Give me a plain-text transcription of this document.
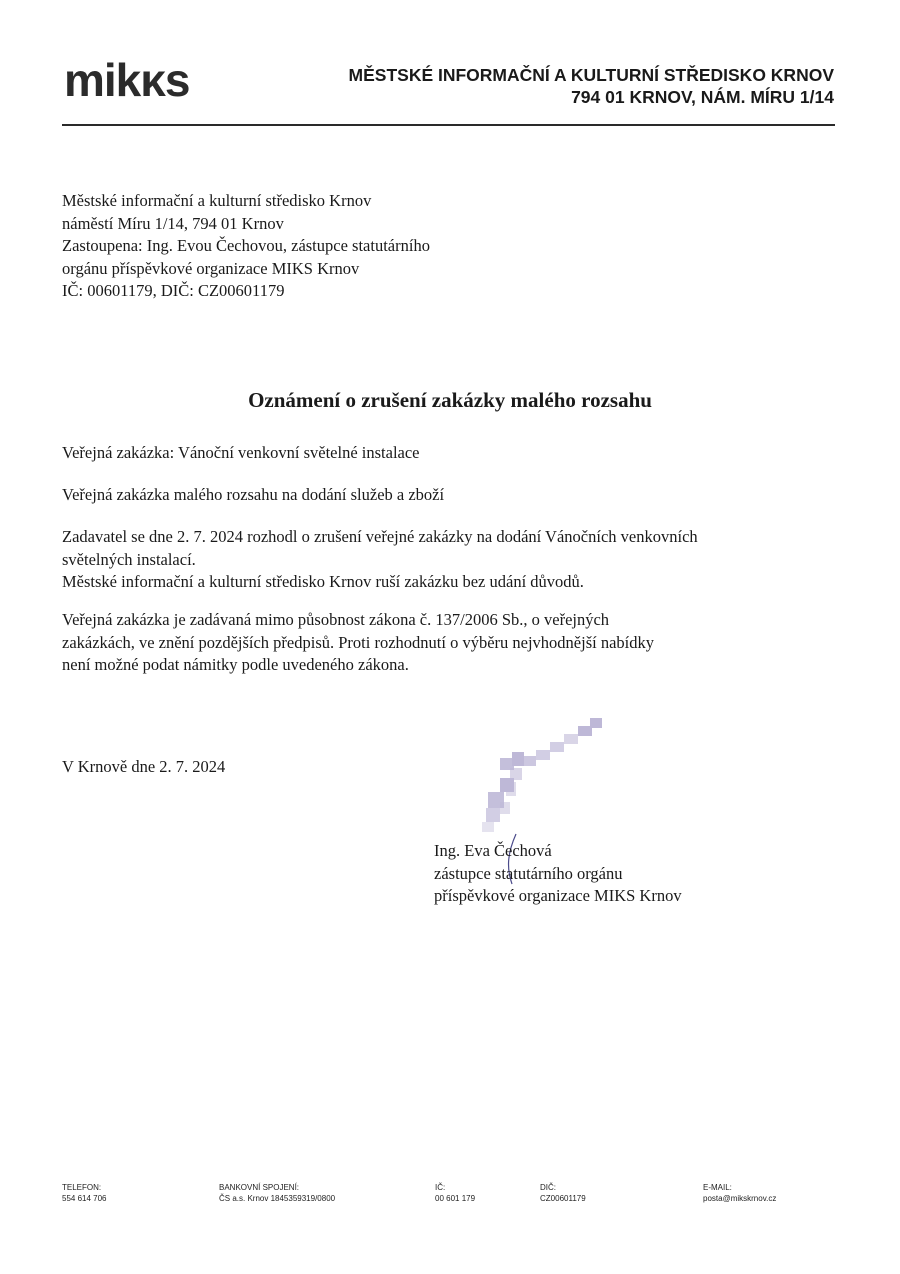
mikκs	MĚSTSKÉ INFORMAČNÍ A KULTURNÍ STŘEDISKO KRNOV
794 01 KRNOV, NÁM. MÍRU 1/14
Městské informační a kulturní středisko Krnov
náměstí Míru 1/14, 794 01 Krnov
Zastoupena: Ing. Evou Čechovou, zástupce statutárního
orgánu příspěvkové organizace MIKS Krnov
IČ: 00601179, DIČ: CZ00601179
Oznámení o zrušení zakázky malého rozsahu
Veřejná zakázka: Vánoční venkovní světelné instalace
Veřejná zakázka malého rozsahu na dodání služeb a zboží
Zadavatel se dne 2. 7. 2024 rozhodl o zrušení veřejné zakázky na dodání Vánočních venkovních
světelných instalací.
Městské informační a kulturní středisko Krnov ruší zakázku bez udání důvodů.
Veřejná zakázka je zadávaná mimo působnost zákona č. 137/2006 Sb., o veřejných
zakázkách, ve znění pozdějších předpisů. Proti rozhodnutí o výběru nejvhodnější nabídky
není možné podat námitky podle uvedeného zákona.
V Krnově dne 2. 7. 2024
Ing. Eva Čechová
zástupce statutárního orgánu
příspěvkové organizace MIKS Krnov
TELEFON:
554 614 706
BANKOVNÍ SPOJENÍ:
ČS a.s. Krnov 1845359319/0800
IČ:
00 601 179
DIČ:
CZ00601179
E-MAIL:
posta@mikskrnov.cz
